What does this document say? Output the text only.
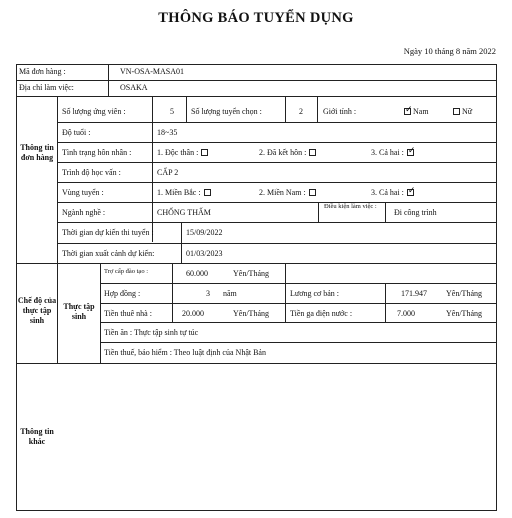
THÔNG BÁO TUYỂN DỤNG
Ngày 10 tháng 8 năm 2022
Mã đơn hàng :	VN-OSA-MASA01
Địa chỉ làm việc:	OSAKA
Thông tin đơn hàng
Chế độ của thực tập sinh
Thực tập sinh
Thông tin khác
Số lượng ứng viên :	5 Số lượng tuyển chọn :	2	Giới tính :
✓	Nam	Nữ
Độ tuổi :	18~35
Tình trạng hôn nhân :	1. Độc thân :	2. Đã kết hôn :	3. Cả hai :✓
Trình độ học vấn :	CẤP 2
Vùng tuyển :	1. Miền Bắc :	2. Miền Nam :	3. Cả hai :✓
Ngành nghề :	CHỐNG THẤM
Điều kiện làm việc :
Đi công trình
Thời gian dự kiến thi tuyển :	15/09/2022
Thời gian xuất cảnh dự kiến:	01/03/2023
Trợ cấp đào tạo :	60.000	Yên/Tháng
Hợp đồng :	3 năm	Lương cơ bản :	171.947 Yên/Tháng
Tiền thuê nhà :	20.000	Yên/Tháng	Tiền ga điện nước :	7.000	Yên/Tháng
Tiền ăn : Thực tập sinh tự túc
Tiền thuế, bảo hiểm : Theo luật định của Nhật Bản
